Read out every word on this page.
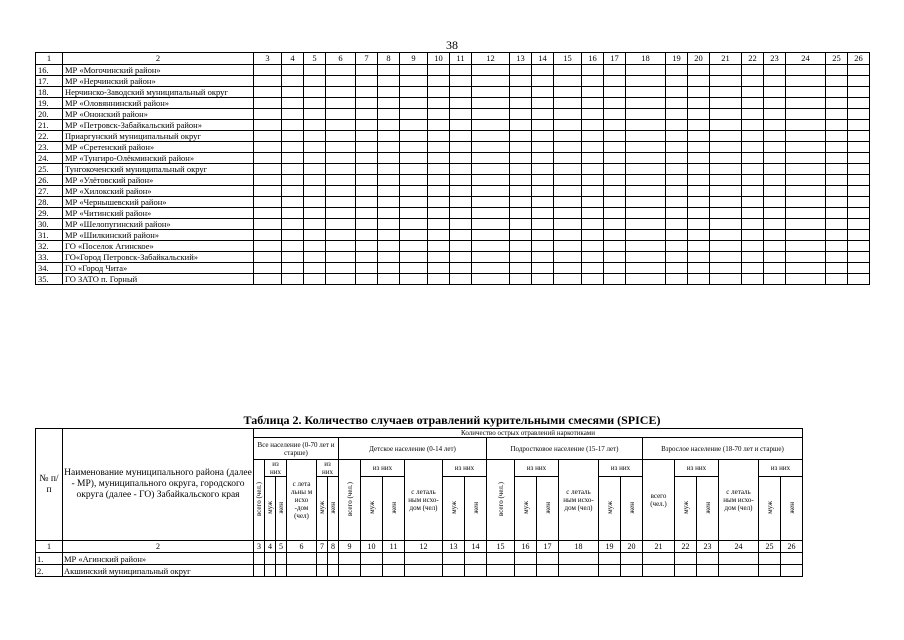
38
1	2	3	4	5	6	7	8	9	10	11	12	13	14	15	16	17	18	19	20	21	22	23	24	25	26
16.	МР «Могочинский район»																								
17.	МР «Нерчинский район»																								
18.	Нерчинско-Заводский муниципальный округ																								
19.	МР «Оловяннинский район»																								
20.	МР «Ононский район»																								
21.	МР «Петровск-Забайкальский район»																								
22.	Приаргунский муниципальный округ																								
23.	МР «Сретенский район»																								
24.	МР «Тунгиро-Олёкминский район»																								
25.	Тунгокоченский муниципальный округ																								
26.	МР «Улётовский район»																								
27.	МР «Хилокский район»																								
28.	МР «Чернышевский район»																								
29.	МР «Читинский район»																								
30.	МР «Шелопугинский район»																								
31.	МР «Шилкинский район»																								
32.	ГО «Поселок Агинское»																								
33.	ГО«Город Петровск-Забайкальский»																								
34.	ГО «Город Чита»																								
35.	ГО ЗАТО п. Горный																								
Таблица 2. Количество случаев отравлений курительными смесями (SPICE)
№ п/п	Наименование муниципального района (далее - МР), муниципального округа, городского округа (далее - ГО) Забайкальского края	Количество острых отравлений наркотиками																							
		Все население (0-70 лет и старше)						Детское население (0-14 лет)						Подростковое население (15-17 лет)						Взрослое население (18-70 лет и старше)					
		всего (чел.)	из них		с лета льны м исхо -дом (чел)	из них		всего (чел.)	из них		с леталь ным исхо-дом (чел)	из них		всего (чел.)	из них		с леталь ным исхо-дом (чел)	из них		всего (чел.)	из них		с леталь ным исхо-дом (чел)	из них	
			муж	жен		муж	жен		муж	жен		муж	жен		муж	жен		муж	жен		муж	жен		муж	жен
1	2	3	4	5	6	7	8	9	10	11	12	13	14	15	16	17	18	19	20	21	22	23	24	25	26
1.	МР «Агинский район»																								
2.	Акшинский муниципальный округ																								
